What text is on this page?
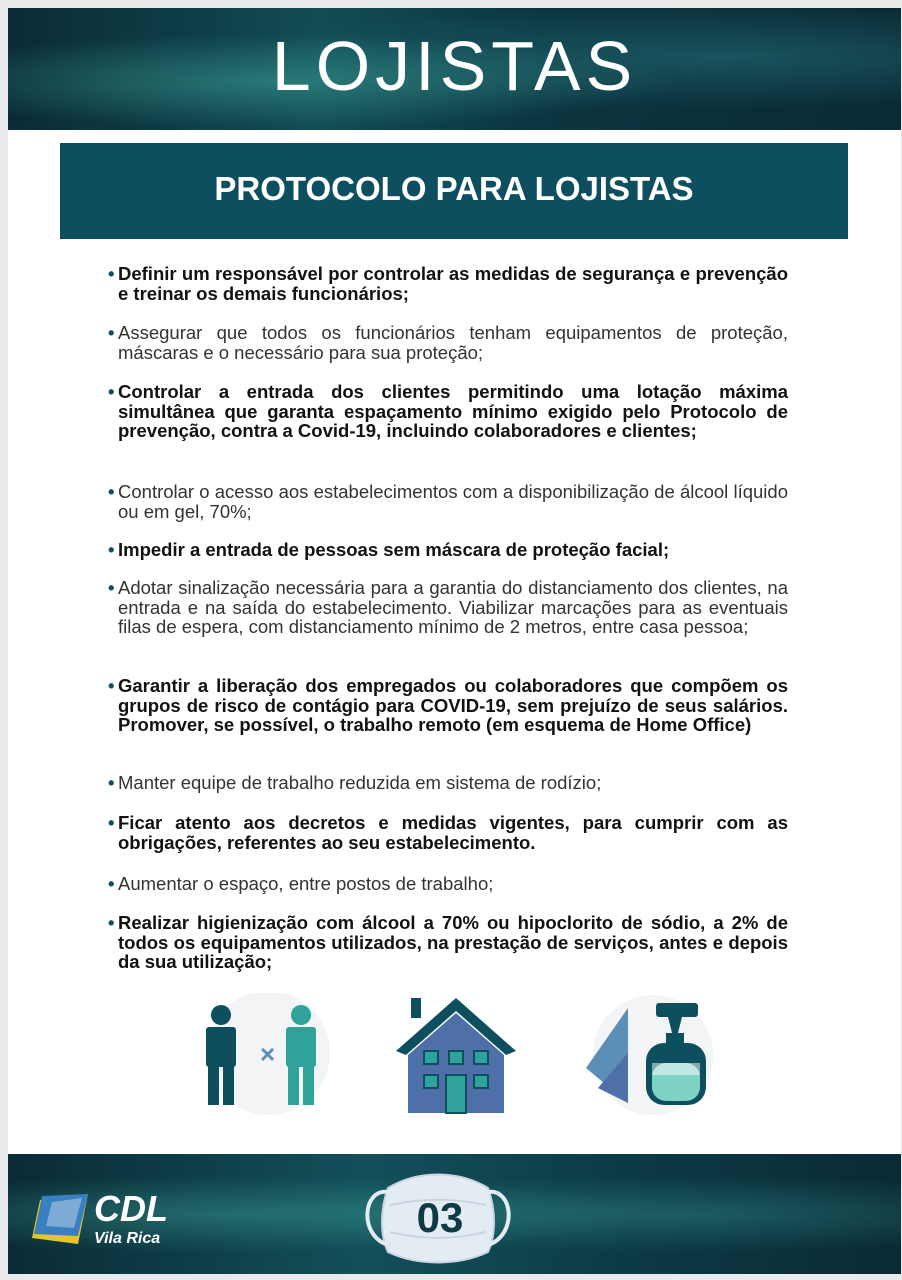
LOJISTAS
PROTOCOLO PARA LOJISTAS
• Definir um responsável por controlar as medidas de segurança e prevenção e treinar os demais funcionários;
• Assegurar que todos os funcionários tenham equipamentos de proteção, máscaras e o necessário para sua proteção;
• Controlar a entrada dos clientes permitindo uma lotação máxima simultânea que garanta espaçamento mínimo exigido pelo Protocolo de prevenção, contra a Covid-19, incluindo colaboradores e clientes;
• Controlar o acesso aos estabelecimentos com a disponibilização de álcool líquido ou em gel, 70%;
• Impedir a entrada de pessoas sem máscara de proteção facial;
• Adotar sinalização necessária para a garantia do distanciamento dos clientes, na entrada e na saída do estabelecimento. Viabilizar marcações para as eventuais filas de espera, com distanciamento mínimo de 2 metros, entre casa pessoa;
• Garantir a liberação dos empregados ou colaboradores que compõem os grupos de risco de contágio para COVID-19, sem prejuízo de seus salários. Promover, se possível, o trabalho remoto (em esquema de Home Office)
• Manter equipe de trabalho reduzida em sistema de rodízio;
• Ficar atento aos decretos e medidas vigentes, para cumprir com as obrigações, referentes ao seu estabelecimento.
• Aumentar o espaço, entre postos de trabalho;
• Realizar higienização com álcool a 70% ou hipoclorito de sódio, a 2% de todos os equipamentos utilizados, na prestação de serviços, antes e depois da sua utilização;
×
CDL
Vila Rica	03
